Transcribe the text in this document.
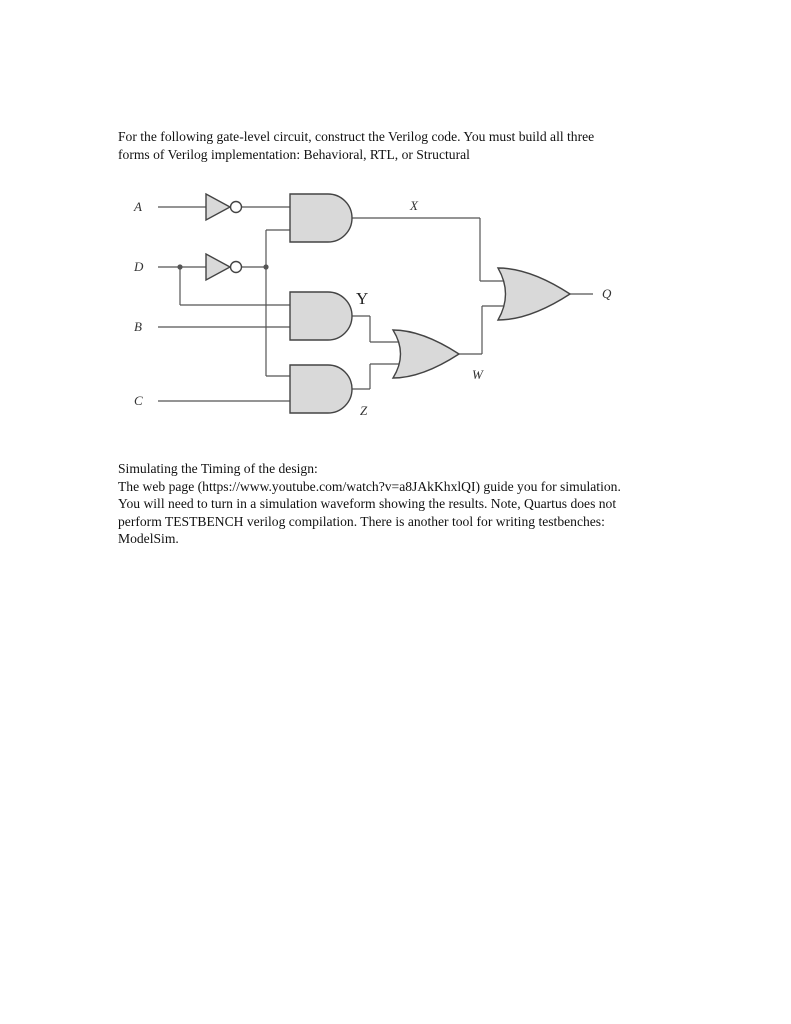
For the following gate-level circuit, construct the Verilog code. You must build all three
forms of Verilog implementation: Behavioral, RTL, or Structural
A
D
B
C
X
Y
Z
W
Q
Simulating the Timing of the design:
The web page (https://www.youtube.com/watch?v=a8JAkKhxlQI) guide you for simulation.
You will need to turn in a simulation waveform showing the results. Note, Quartus does not
perform TESTBENCH verilog compilation. There is another tool for writing testbenches:
ModelSim.
